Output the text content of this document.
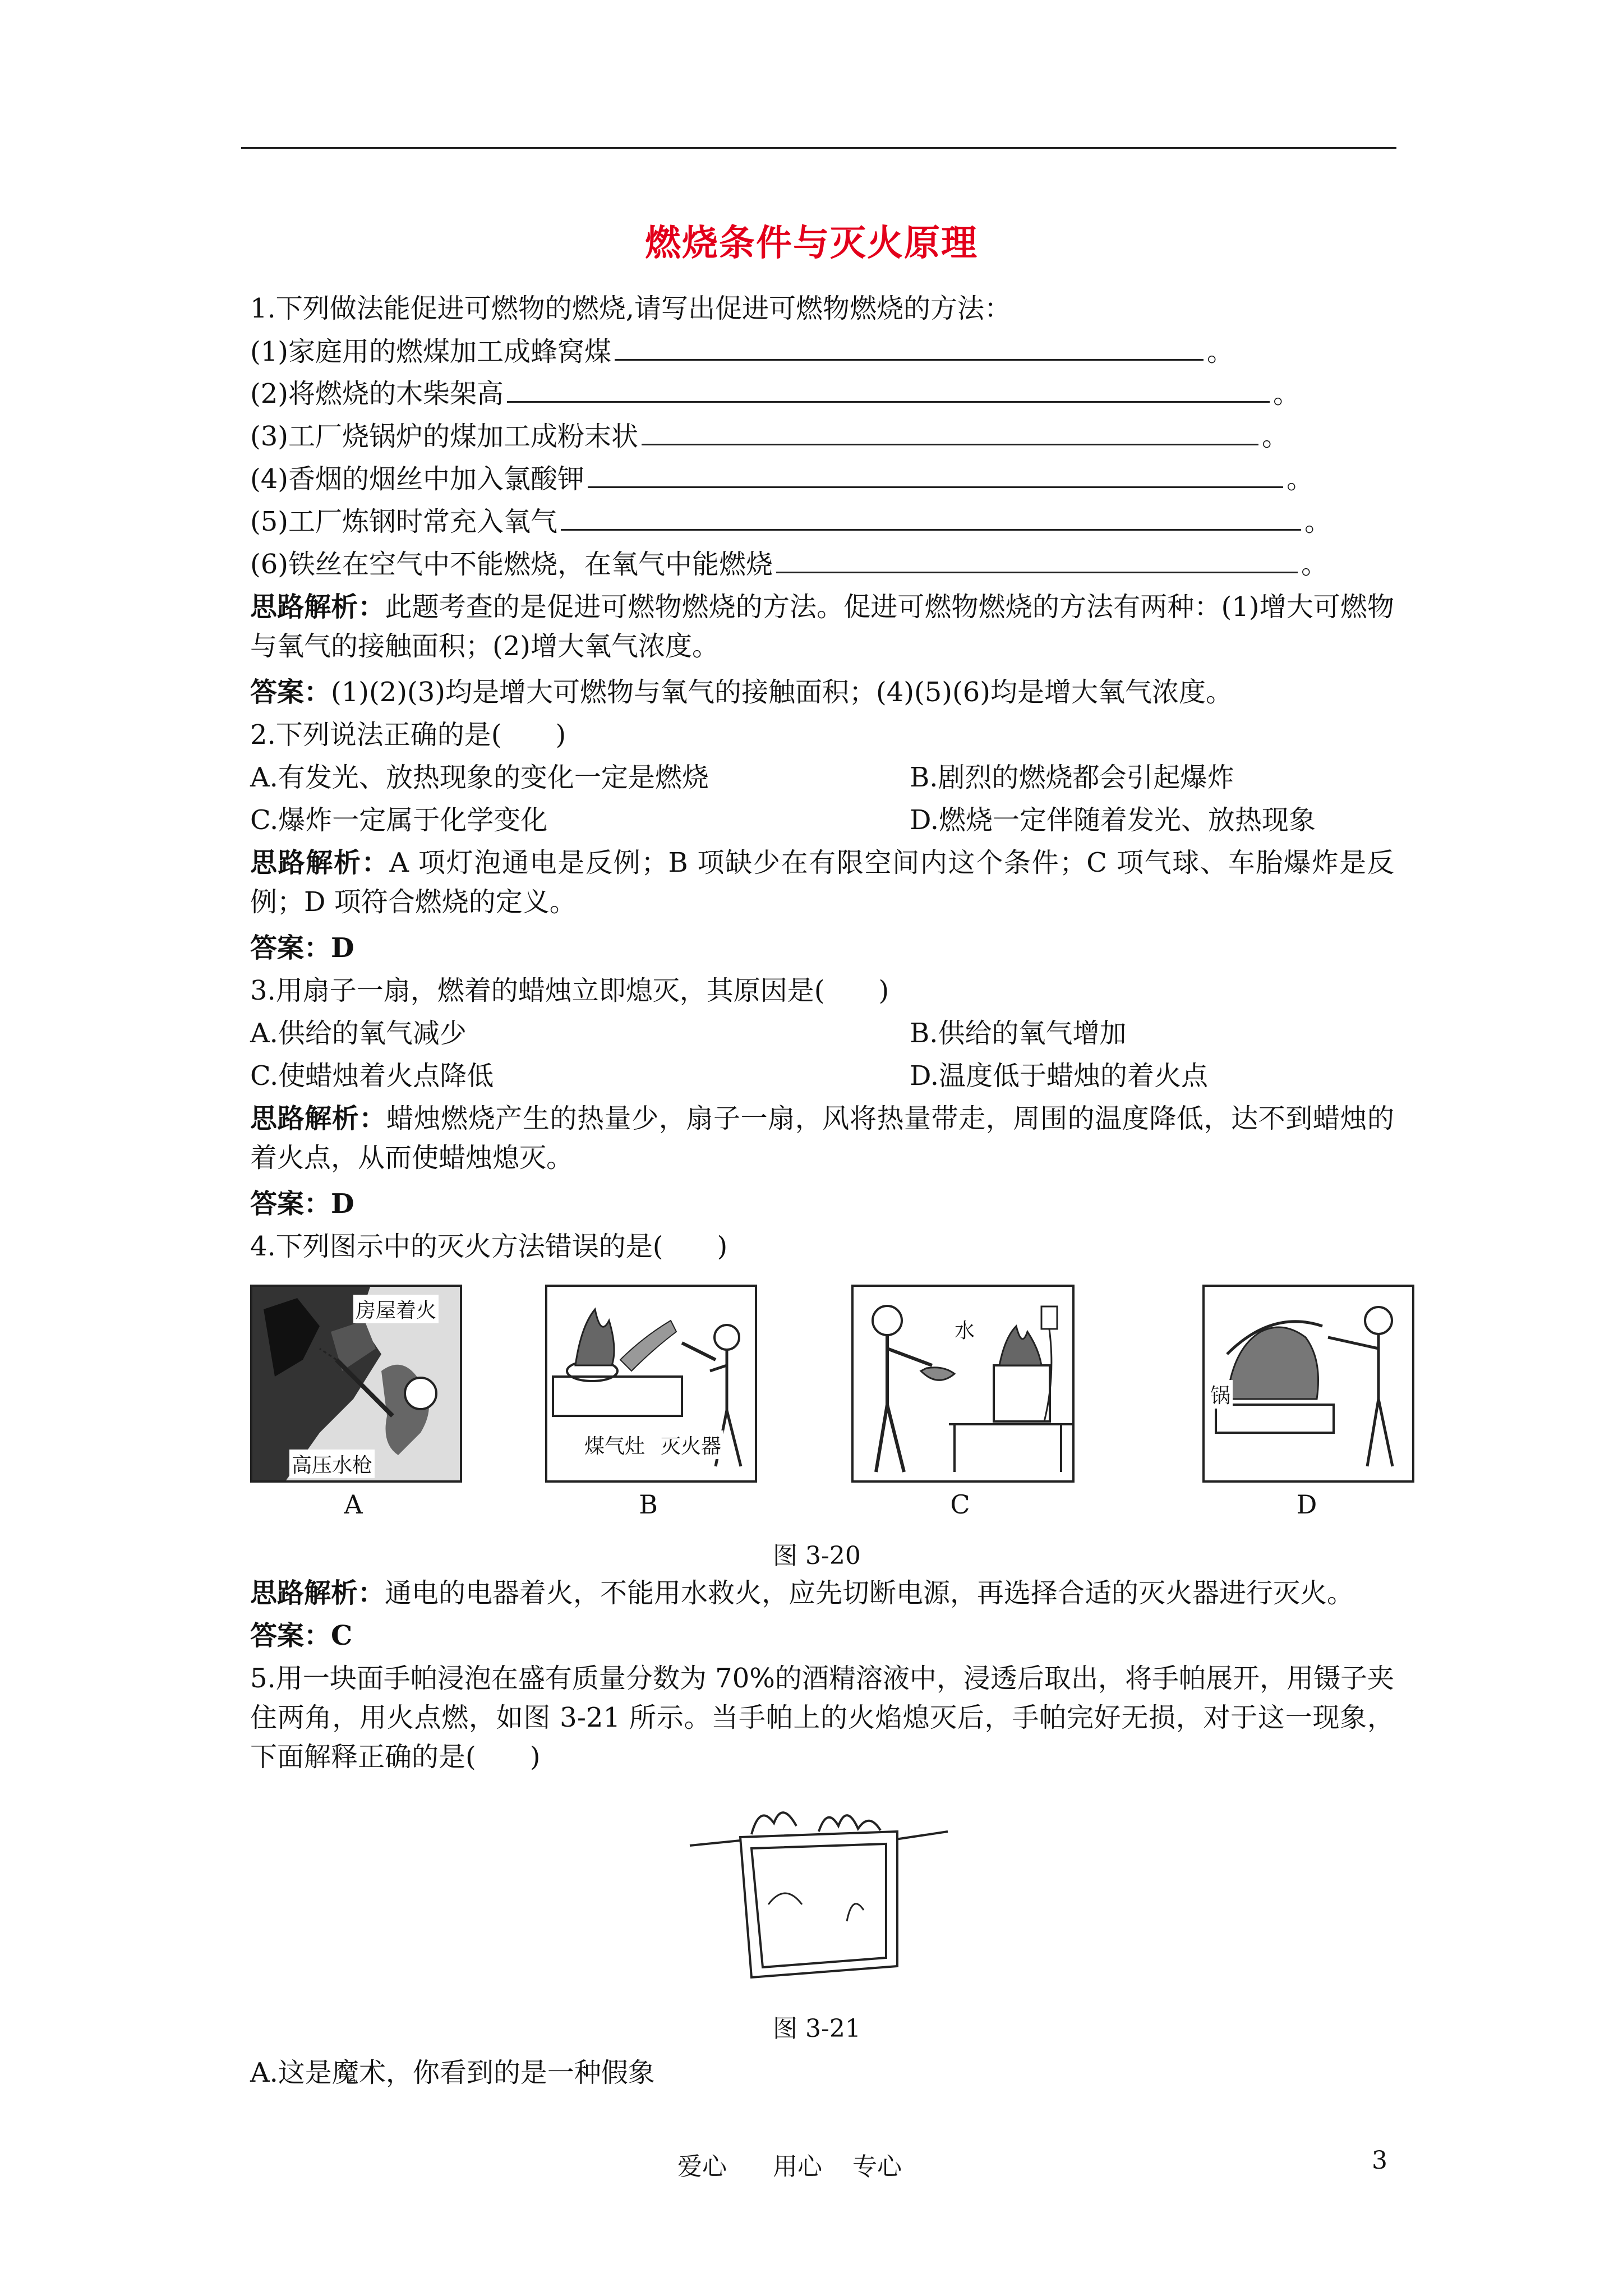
燃烧条件与灭火原理
1.下列做法能促进可燃物的燃烧,请写出促进可燃物燃烧的方法：
(1)家庭用的燃煤加工成蜂窝煤	。
(2)将燃烧的木柴架高	。
(3)工厂烧锅炉的煤加工成粉末状	。
(4)香烟的烟丝中加入氯酸钾	。
(5)工厂炼钢时常充入氧气	。
(6)铁丝在空气中不能燃烧，在氧气中能燃烧	。
思路解析：此题考查的是促进可燃物燃烧的方法。促进可燃物燃烧的方法有两种：(1)增大可燃物与氧气的接触面积；(2)增大氧气浓度。
答案：(1)(2)(3)均是增大可燃物与氧气的接触面积；(4)(5)(6)均是增大氧气浓度。
2.下列说法正确的是(　　)
A.有发光、放热现象的变化一定是燃烧	B.剧烈的燃烧都会引起爆炸
C.爆炸一定属于化学变化	D.燃烧一定伴随着发光、放热现象
思路解析：A 项灯泡通电是反例；B 项缺少在有限空间内这个条件；C 项气球、车胎爆炸是反例；D 项符合燃烧的定义。
答案：D
3.用扇子一扇，燃着的蜡烛立即熄灭，其原因是(　　)
A.供给的氧气减少	B.供给的氧气增加
C.使蜡烛着火点降低	D.温度低于蜡烛的着火点
思路解析：蜡烛燃烧产生的热量少，扇子一扇，风将热量带走，周围的温度降低，达不到蜡烛的着火点，从而使蜡烛熄灭。
答案：D
4.下列图示中的灭火方法错误的是(　　)
房屋着火
高压水枪
A
煤气灶 灭火器
B
水
C
锅
D
图 3-20
思路解析：通电的电器着火，不能用水救火，应先切断电源，再选择合适的灭火器进行灭火。
答案：C
5.用一块面手帕浸泡在盛有质量分数为 70%的酒精溶液中，浸透后取出，将手帕展开，用镊子夹住两角，用火点燃，如图 3-21 所示。当手帕上的火焰熄灭后，手帕完好无损，对于这一现象，下面解释正确的是(　　)
图 3-21
A.这是魔术，你看到的是一种假象
爱心 用心 专心	3
